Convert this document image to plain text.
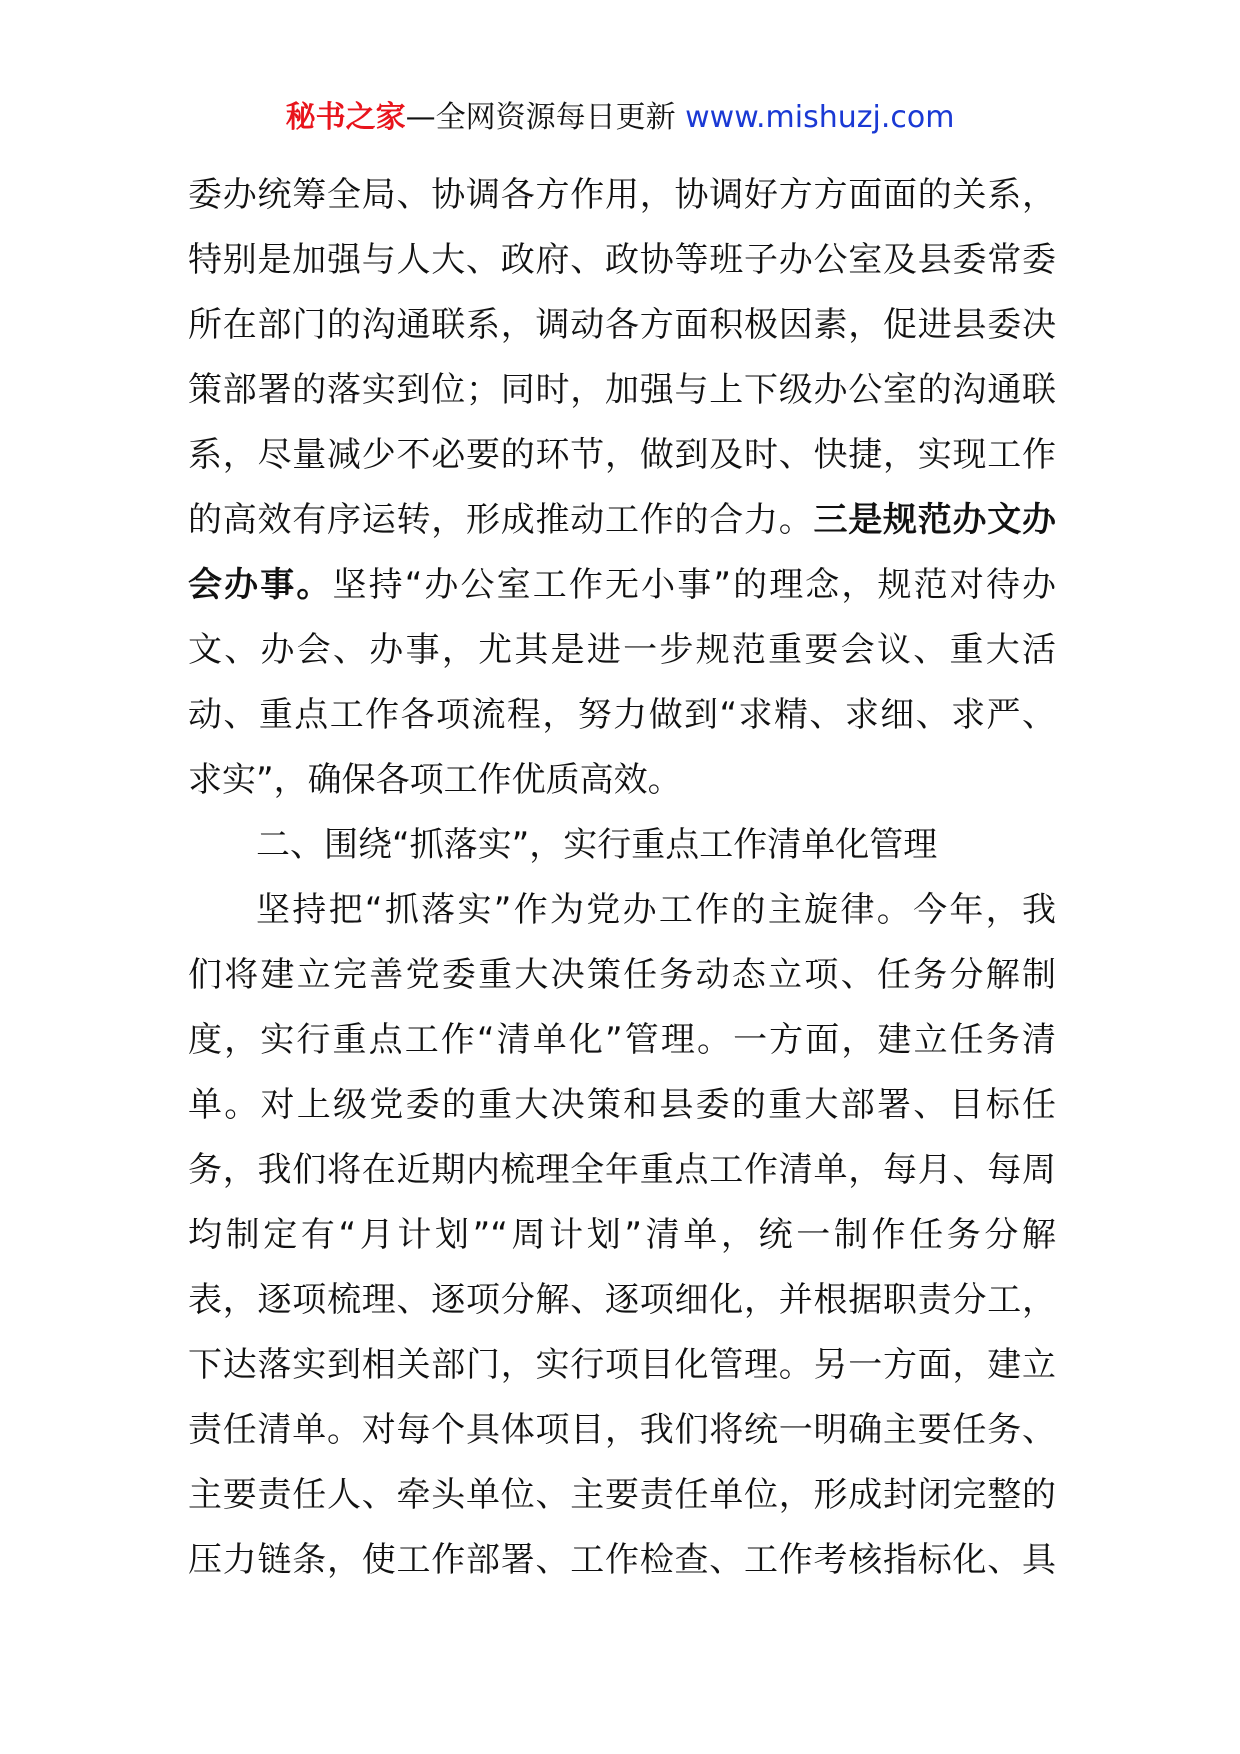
秘书之家—全网资源每日更新 www.mishuzj.com

委办统筹全局、协调各方作用，协调好方方面面的关系，
特别是加强与人大、政府、政协等班子办公室及县委常委
所在部门的沟通联系，调动各方面积极因素，促进县委决
策部署的落实到位；同时，加强与上下级办公室的沟通联
系，尽量减少不必要的环节，做到及时、快捷，实现工作
的高效有序运转，形成推动工作的合力。三是规范办文办
会办事。坚持“办公室工作无小事”的理念，规范对待办
文、办会、办事，尤其是进一步规范重要会议、重大活
动、重点工作各项流程，努力做到“求精、求细、求严、
求实”，确保各项工作优质高效。

二、围绕“抓落实”，实行重点工作清单化管理

坚持把“抓落实”作为党办工作的主旋律。今年，我
们将建立完善党委重大决策任务动态立项、任务分解制
度，实行重点工作“清单化”管理。一方面，建立任务清
单。对上级党委的重大决策和县委的重大部署、目标任
务，我们将在近期内梳理全年重点工作清单，每月、每周
均制定有“月计划”“周计划”清单，统一制作任务分解
表，逐项梳理、逐项分解、逐项细化，并根据职责分工，
下达落实到相关部门，实行项目化管理。另一方面，建立
责任清单。对每个具体项目，我们将统一明确主要任务、
主要责任人、牵头单位、主要责任单位，形成封闭完整的
压力链条，使工作部署、工作检查、工作考核指标化、具
